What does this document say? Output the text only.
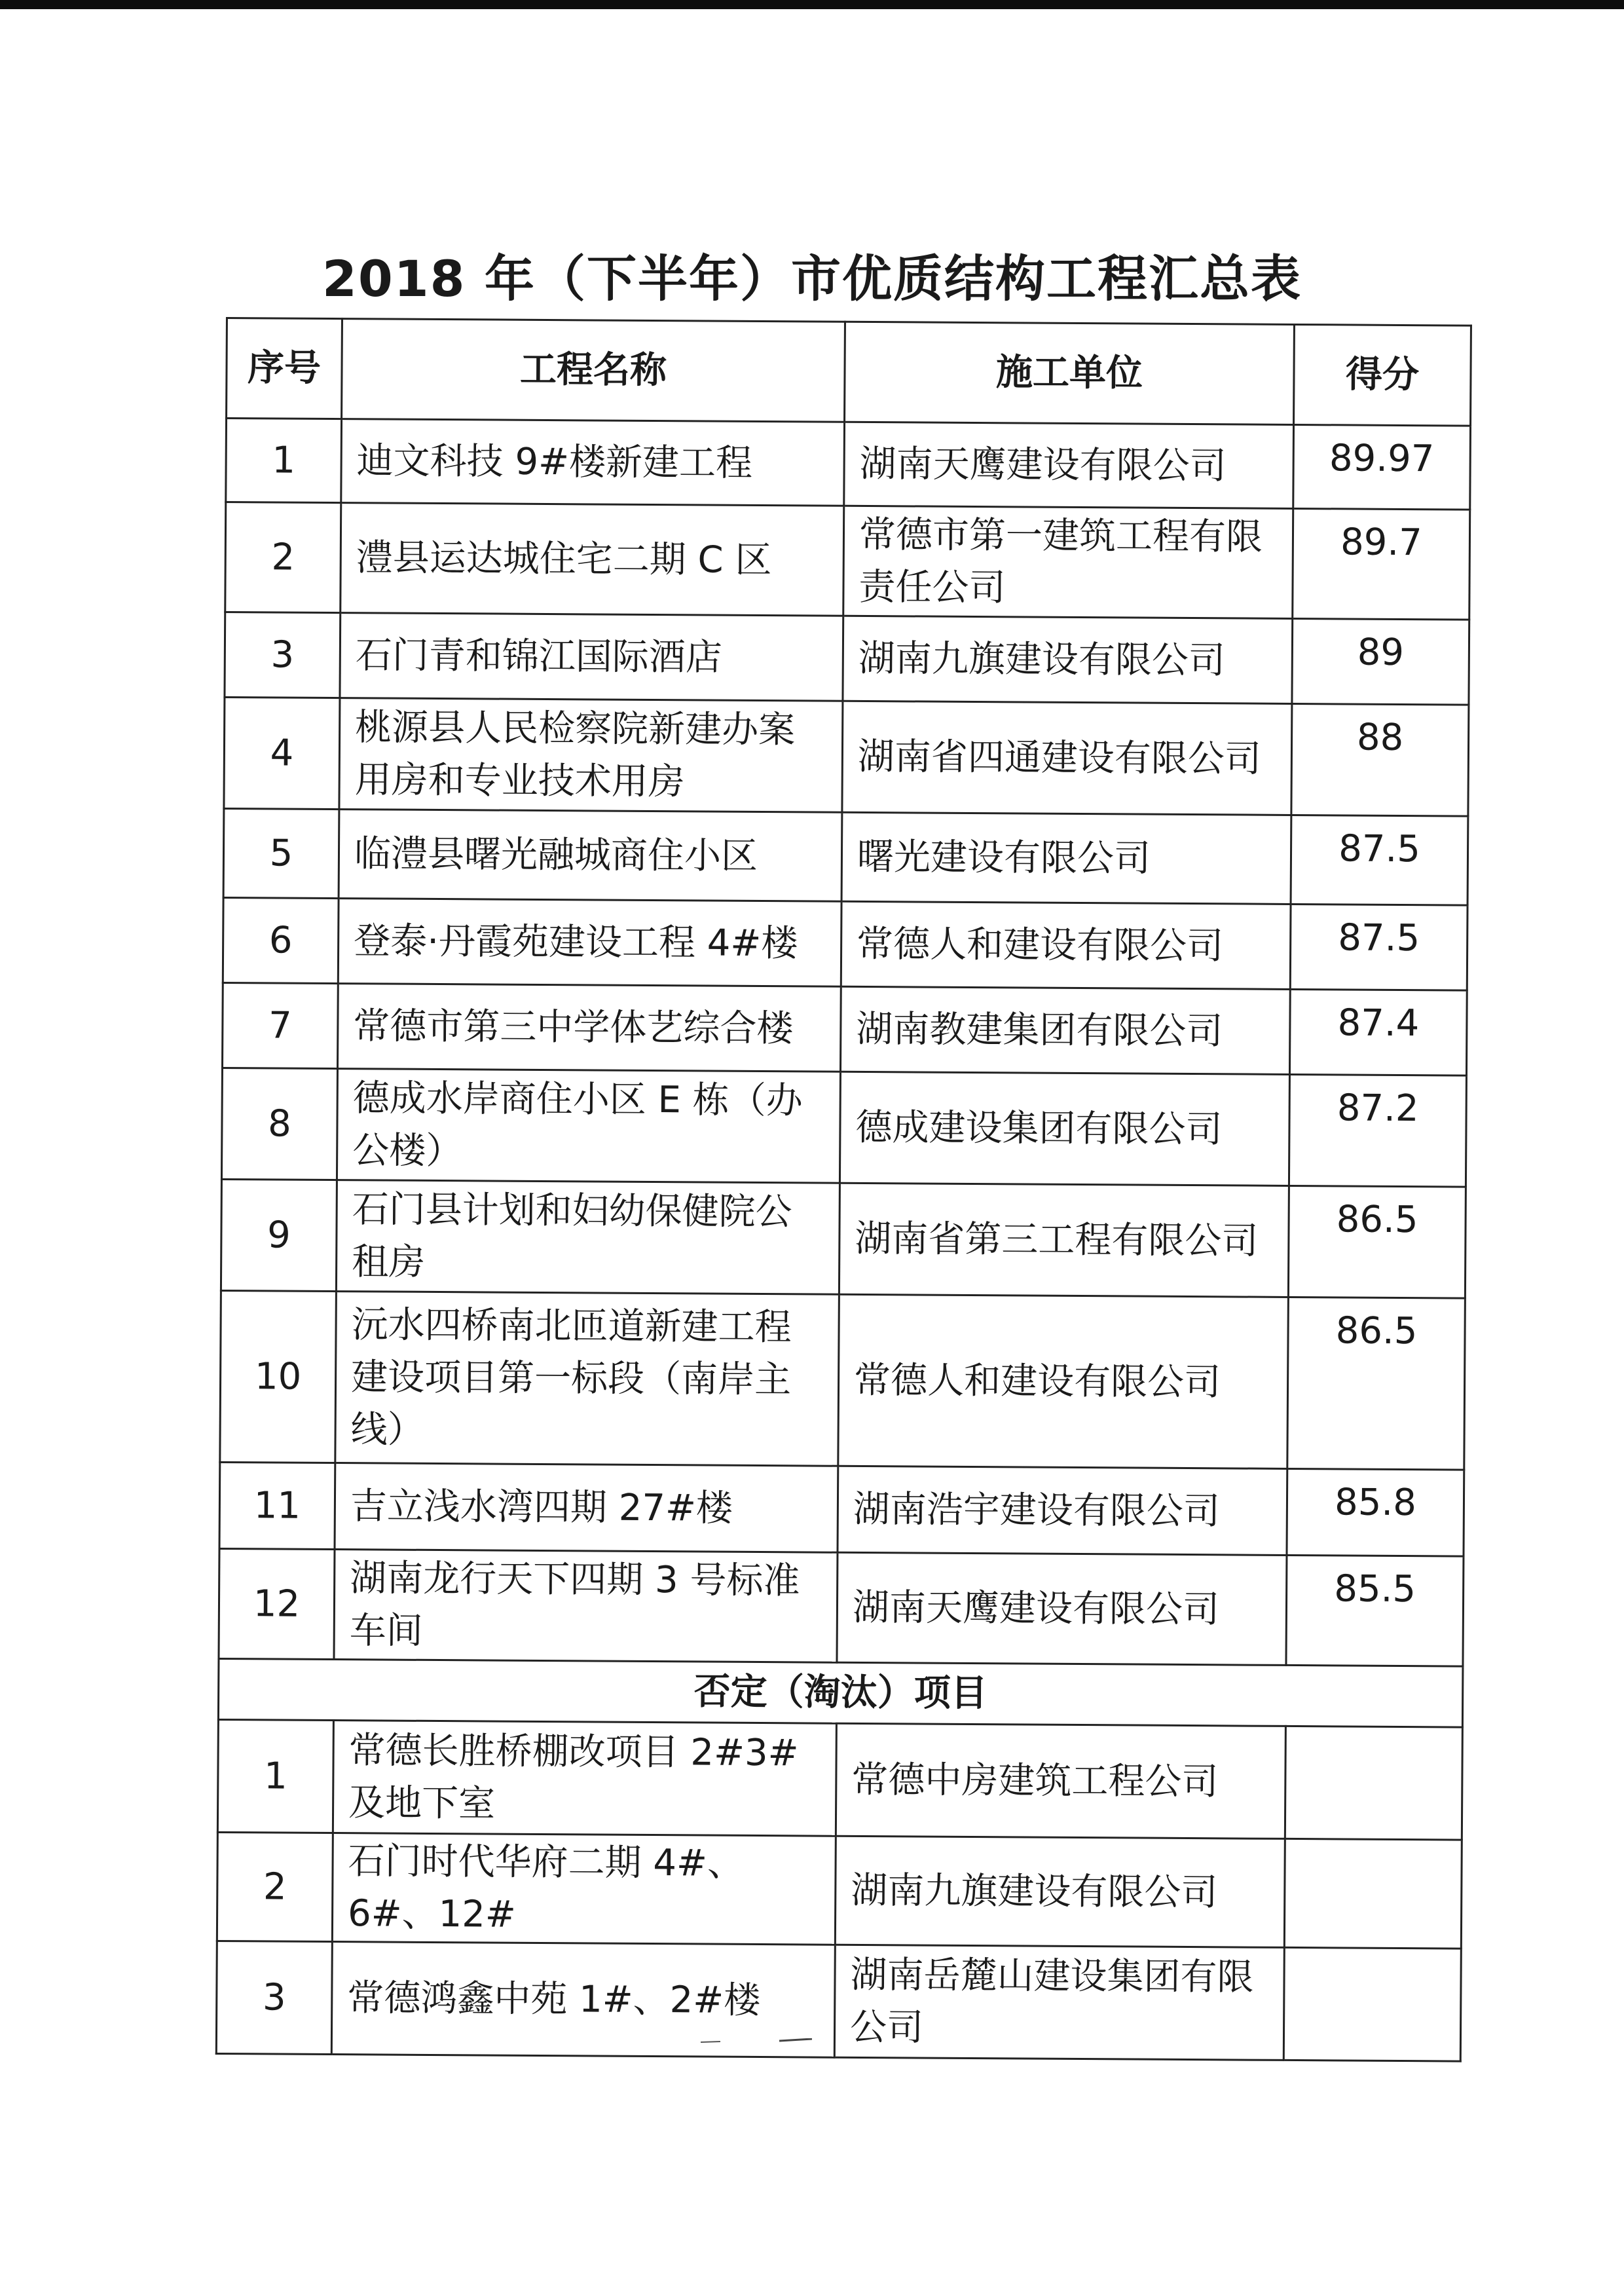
2018 年（下半年）市优质结构工程汇总表
序号	工程名称	施工单位	得分
1	迪文科技 9#楼新建工程	湖南天鹰建设有限公司	89.97
2	澧县运达城住宅二期 C 区	常德市第一建筑工程有限责任公司	89.7
3	石门青和锦江国际酒店	湖南九旗建设有限公司	89
4	桃源县人民检察院新建办案用房和专业技术用房	湖南省四通建设有限公司	88
5	临澧县曙光融城商住小区	曙光建设有限公司	87.5
6	登泰·丹霞苑建设工程 4#楼	常德人和建设有限公司	87.5
7	常德市第三中学体艺综合楼	湖南教建集团有限公司	87.4
8	德成水岸商住小区 E 栋（办公楼）	德成建设集团有限公司	87.2
9	石门县计划和妇幼保健院公租房	湖南省第三工程有限公司	86.5
10	沅水四桥南北匝道新建工程建设项目第一标段（南岸主线）	常德人和建设有限公司	86.5
11	吉立浅水湾四期 27#楼	湖南浩宇建设有限公司	85.8
12	湖南龙行天下四期 3 号标准车间	湖南天鹰建设有限公司	85.5
否定（淘汰）项目			
1	常德长胜桥棚改项目 2#3#及地下室	常德中房建筑工程公司	
2	石门时代华府二期 4#、6#、12#	湖南九旗建设有限公司	
3	常德鸿鑫中苑 1#、2#楼	湖南岳麓山建设集团有限公司	
